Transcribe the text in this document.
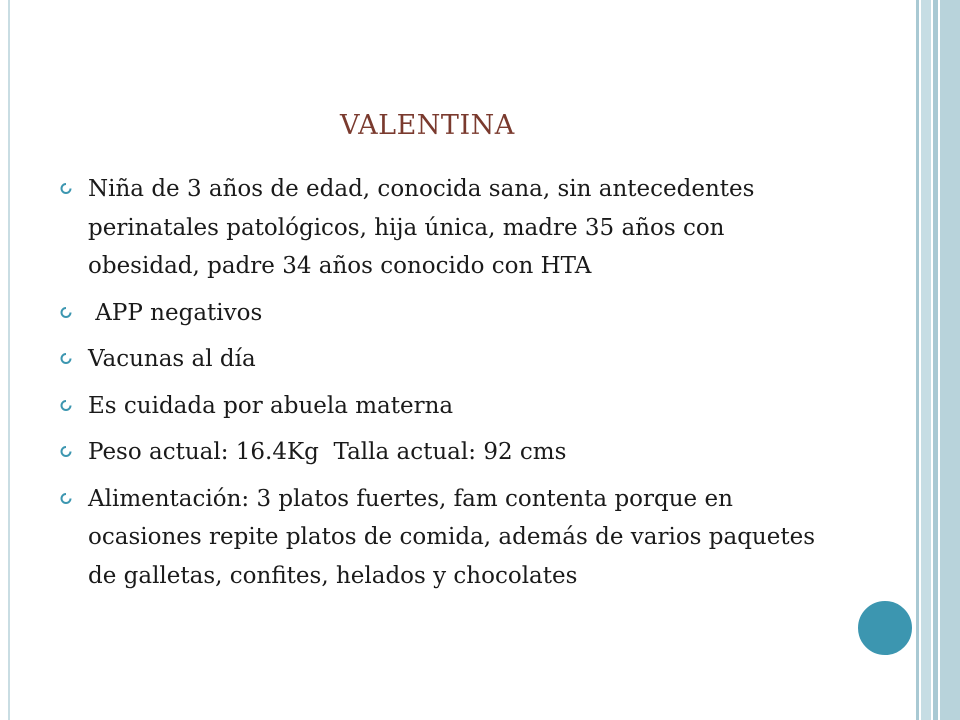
VALENTINA
Niña de 3 años de edad, conocida sana, sin antecedentes perinatales patológicos, hija única, madre 35 años con obesidad, padre 34 años conocido con HTA
APP negativos
Vacunas al día
Es cuidada por abuela materna
Peso actual: 16.4Kg  Talla actual: 92 cms
Alimentación: 3 platos fuertes, fam contenta porque en ocasiones repite platos de comida, además de varios paquetes de galletas, confites, helados y chocolates
